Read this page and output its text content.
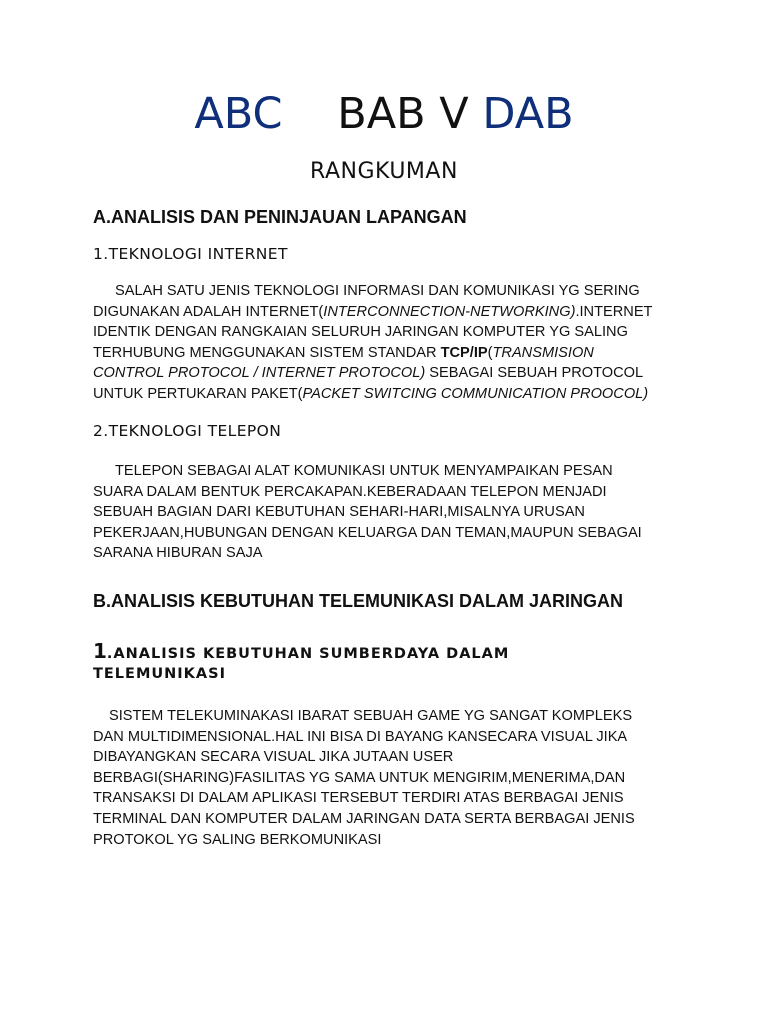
ABC BAB V DAB
RANGKUMAN
A.ANALISIS DAN PENINJAUAN LAPANGAN
1.TEKNOLOGI INTERNET
SALAH SATU JENIS TEKNOLOGI INFORMASI DAN KOMUNIKASI YG SERING
DIGUNAKAN ADALAH INTERNET(INTERCONNECTION-NETWORKING).INTERNET
IDENTIK DENGAN RANGKAIAN SELURUH JARINGAN KOMPUTER YG SALING
TERHUBUNG MENGGUNAKAN SISTEM STANDAR TCP/IP(TRANSMISION
CONTROL PROTOCOL / INTERNET PROTOCOL) SEBAGAI SEBUAH PROTOCOL
UNTUK PERTUKARAN PAKET(PACKET SWITCING COMMUNICATION PROOCOL)
2.TEKNOLOGI TELEPON
TELEPON SEBAGAI ALAT KOMUNIKASI UNTUK MENYAMPAIKAN PESAN
SUARA DALAM BENTUK PERCAKAPAN.KEBERADAAN TELEPON MENJADI
SEBUAH BAGIAN DARI KEBUTUHAN SEHARI-HARI,MISALNYA URUSAN
PEKERJAAN,HUBUNGAN DENGAN KELUARGA DAN TEMAN,MAUPUN SEBAGAI
SARANA HIBURAN SAJA
B.ANALISIS KEBUTUHAN TELEMUNIKASI DALAM JARINGAN
1.ANALISIS KEBUTUHAN SUMBERDAYA DALAM
TELEMUNIKASI
SISTEM TELEKUMINAKASI IBARAT SEBUAH GAME YG SANGAT KOMPLEKS
DAN MULTIDIMENSIONAL.HAL INI BISA DI BAYANG KANSECARA VISUAL JIKA
DIBAYANGKAN SECARA VISUAL JIKA JUTAAN USER
BERBAGI(SHARING)FASILITAS YG SAMA UNTUK MENGIRIM,MENERIMA,DAN
TRANSAKSI DI DALAM APLIKASI TERSEBUT TERDIRI ATAS BERBAGAI JENIS
TERMINAL DAN KOMPUTER DALAM JARINGAN DATA SERTA BERBAGAI JENIS
PROTOKOL YG SALING BERKOMUNIKASI
